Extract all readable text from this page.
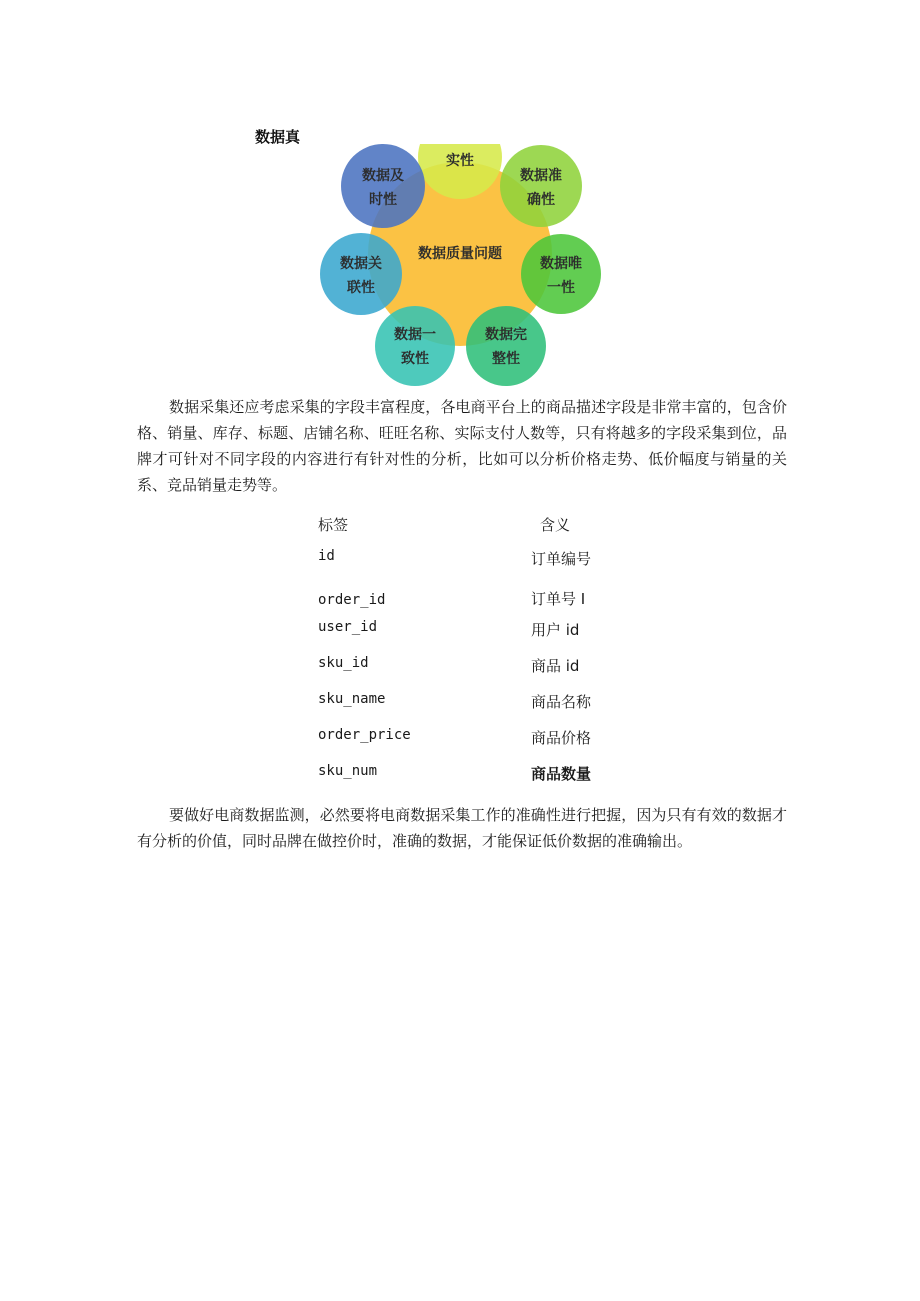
数据真
数据质量问题
实性
数据准
确性
数据唯
一性
数据完
整性
数据一
致性
数据关
联性
数据及
时性

数据采集还应考虑采集的字段丰富程度，各电商平台上的商品描述字段是非常丰富的，包含价格、销量、库存、标题、店铺名称、旺旺名称、实际支付人数等，只有将越多的字段采集到位，品牌才可针对不同字段的内容进行有针对性的分析，比如可以分析价格走势、低价幅度与销量的关系、竞品销量走势等。

标签	含义
id	订单编号
order_id	订单号 I
user_id	用户 id
sku_id	商品 id
sku_name	商品名称
order_price	商品价格
sku_num	商品数量

要做好电商数据监测，必然要将电商数据采集工作的准确性进行把握，因为只有有效的数据才有分析的价值，同时品牌在做控价时，准确的数据，才能保证低价数据的准确输出。
